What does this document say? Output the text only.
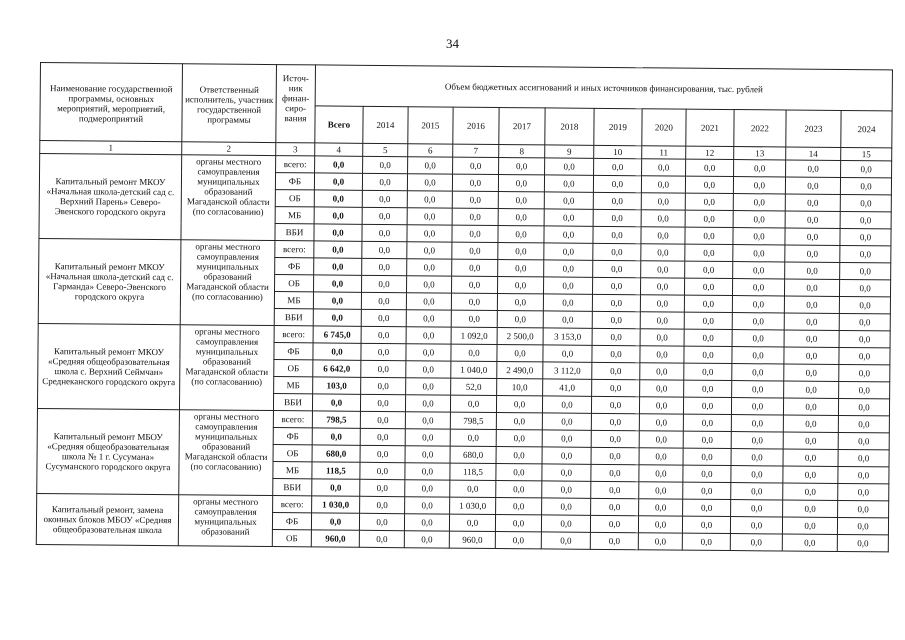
34
Наименование государственной программы, основных мероприятий, мероприятий, подмероприятий	Ответственный исполнитель, участник государственной программы	Источ-ник финан-сиро-вания	Объем бюджетных ассигнований и иных источников финансирования, тыс. рублей											
			Всего	2014	2015	2016	2017	2018	2019	2020	2021	2022	2023	2024
1	2	3	4	5	6	7	8	9	10	11	12	13	14	15
Капитальный ремонт МКОУ «Начальная школа-детский сад с. Верхний Парень» Северо-Эвенского городского округа	органы местного самоуправления муниципальных образований Магаданской области (по согласованию)	всего:	0,0	0,0	0,0	0,0	0,0	0,0	0,0	0,0	0,0	0,0	0,0	0,0
		ФБ	0,0	0,0	0,0	0,0	0,0	0,0	0,0	0,0	0,0	0,0	0,0	0,0
		ОБ	0,0	0,0	0,0	0,0	0,0	0,0	0,0	0,0	0,0	0,0	0,0	0,0
		МБ	0,0	0,0	0,0	0,0	0,0	0,0	0,0	0,0	0,0	0,0	0,0	0,0
		ВБИ	0,0	0,0	0,0	0,0	0,0	0,0	0,0	0,0	0,0	0,0	0,0	0,0
Капитальный ремонт МКОУ «Начальная школа-детский сад с. Гарманда» Северо-Эвенского городского округа	органы местного самоуправления муниципальных образований Магаданской области (по согласованию)	всего:	0,0	0,0	0,0	0,0	0,0	0,0	0,0	0,0	0,0	0,0	0,0	0,0
		ФБ	0,0	0,0	0,0	0,0	0,0	0,0	0,0	0,0	0,0	0,0	0,0	0,0
		ОБ	0,0	0,0	0,0	0,0	0,0	0,0	0,0	0,0	0,0	0,0	0,0	0,0
		МБ	0,0	0,0	0,0	0,0	0,0	0,0	0,0	0,0	0,0	0,0	0,0	0,0
		ВБИ	0,0	0,0	0,0	0,0	0,0	0,0	0,0	0,0	0,0	0,0	0,0	0,0
Капитальный ремонт МКОУ «Средняя общеобразовательная школа с. Верхний Сеймчан» Среднеканского городского округа	органы местного самоуправления муниципальных образований Магаданской области (по согласованию)	всего:	6 745,0	0,0	0,0	1 092,0	2 500,0	3 153,0	0,0	0,0	0,0	0,0	0,0	0,0
		ФБ	0,0	0,0	0,0	0,0	0,0	0,0	0,0	0,0	0,0	0,0	0,0	0,0
		ОБ	6 642,0	0,0	0,0	1 040,0	2 490,0	3 112,0	0,0	0,0	0,0	0,0	0,0	0,0
		МБ	103,0	0,0	0,0	52,0	10,0	41,0	0,0	0,0	0,0	0,0	0,0	0,0
		ВБИ	0,0	0,0	0,0	0,0	0,0	0,0	0,0	0,0	0,0	0,0	0,0	0,0
Капитальный ремонт МБОУ «Средняя общеобразовательная школа № 1 г. Сусумана» Сусуманского городского округа	органы местного самоуправления муниципальных образований Магаданской области (по согласованию)	всего:	798,5	0,0	0,0	798,5	0,0	0,0	0,0	0,0	0,0	0,0	0,0	0,0
		ФБ	0,0	0,0	0,0	0,0	0,0	0,0	0,0	0,0	0,0	0,0	0,0	0,0
		ОБ	680,0	0,0	0,0	680,0	0,0	0,0	0,0	0,0	0,0	0,0	0,0	0,0
		МБ	118,5	0,0	0,0	118,5	0,0	0,0	0,0	0,0	0,0	0,0	0,0	0,0
		ВБИ	0,0	0,0	0,0	0,0	0,0	0,0	0,0	0,0	0,0	0,0	0,0	0,0
Капитальный ремонт, замена оконных блоков МБОУ «Средняя общеобразовательная школа	органы местного самоуправления муниципальных образований	всего:	1 030,0	0,0	0,0	1 030,0	0,0	0,0	0,0	0,0	0,0	0,0	0,0	0,0
		ФБ	0,0	0,0	0,0	0,0	0,0	0,0	0,0	0,0	0,0	0,0	0,0	0,0
		ОБ	960,0	0,0	0,0	960,0	0,0	0,0	0,0	0,0	0,0	0,0	0,0	0,0
